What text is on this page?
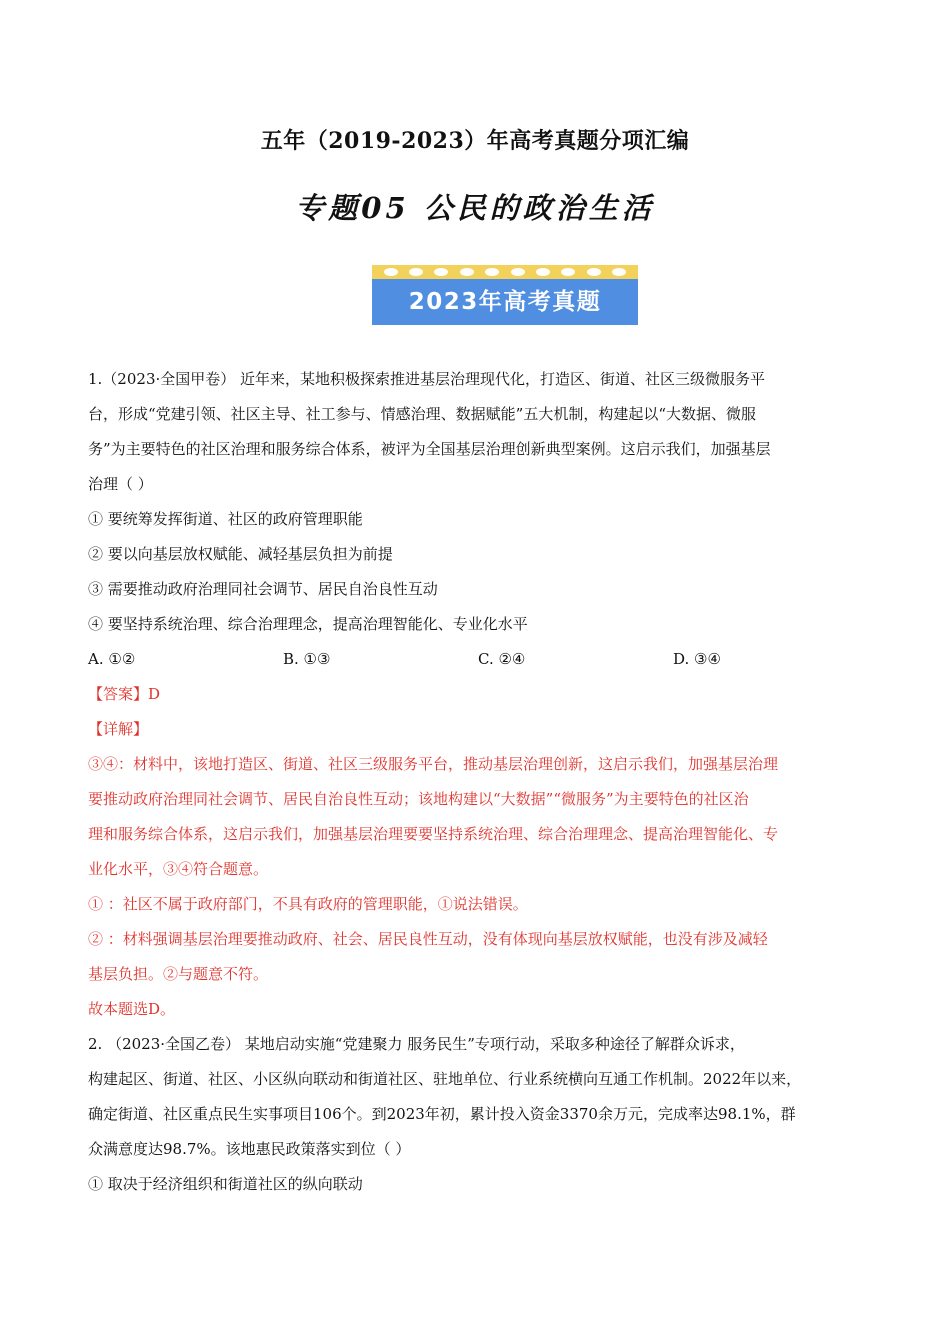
五年（2019-2023）年高考真题分项汇编
专题05 公民的政治生活
2023年高考真题

1.（2023·全国甲卷） 近年来，某地积极探索推进基层治理现代化，打造区、街道、社区三级微服务平

台，形成“党建引领、社区主导、社工参与、情感治理、数据赋能”五大机制，构建起以“大数据、微服

务”为主要特色的社区治理和服务综合体系，被评为全国基层治理创新典型案例。这启示我们，加强基层

治理（ ）

① 要统筹发挥街道、社区的政府管理职能

② 要以向基层放权赋能、减轻基层负担为前提

③ 需要推动政府治理同社会调节、居民自治良性互动

④ 要坚持系统治理、综合治理理念，提高治理智能化、专业化水平

A. ①②	B. ①③	C. ②④	D. ③④

【答案】D

【详解】

③④：材料中，该地打造区、街道、社区三级服务平台，推动基层治理创新，这启示我们，加强基层治理

要推动政府治理同社会调节、居民自治良性互动；该地构建以“大数据”“微服务”为主要特色的社区治

理和服务综合体系，这启示我们，加强基层治理要要坚持系统治理、综合治理理念、提高治理智能化、专

业化水平，③④符合题意。

① ：社区不属于政府部门，不具有政府的管理职能，①说法错误。

② ：材料强调基层治理要推动政府、社会、居民良性互动，没有体现向基层放权赋能，也没有涉及减轻

基层负担。②与题意不符。

故本题选D。

2. （2023·全国乙卷） 某地启动实施“党建聚力 服务民生”专项行动，采取多种途径了解群众诉求，

构建起区、街道、社区、小区纵向联动和街道社区、驻地单位、行业系统横向互通工作机制。2022年以来，

确定街道、社区重点民生实事项目106个。到2023年初，累计投入资金3370余万元，完成率达98.1%，群

众满意度达98.7%。该地惠民政策落实到位（ ）

① 取决于经济组织和街道社区的纵向联动
